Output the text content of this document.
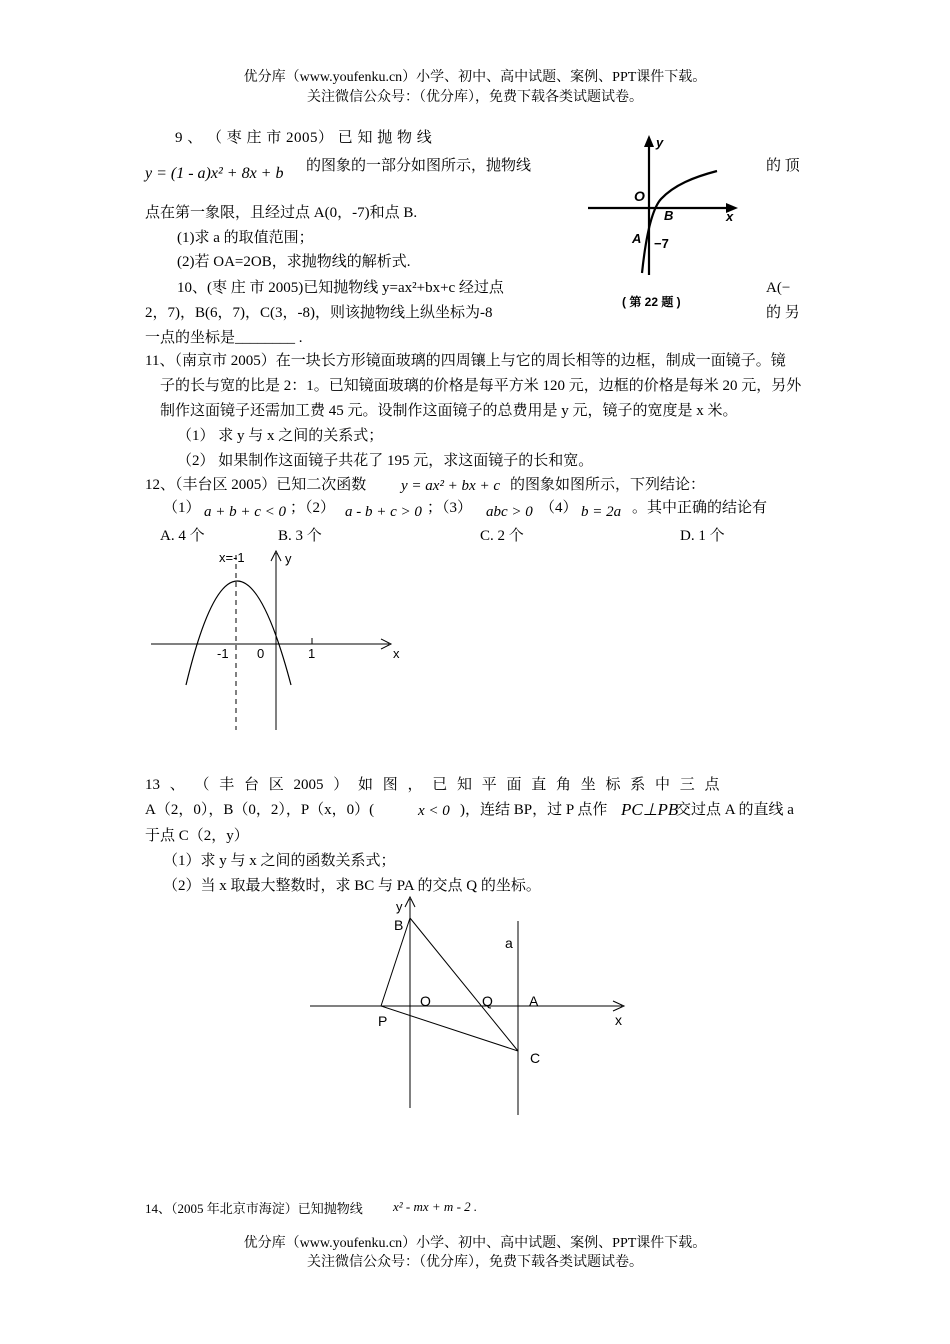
优分库（www.youfenku.cn）小学、初中、高中试题、案例、PPT课件下载。
关注微信公众号：（优分库），免费下载各类试题试卷。
9 、 （ 枣 庄 市 2005） 已 知 抛 物 线
y = (1 - a)x² + 8x + b 的图象的一部分如图所示，抛物线	的 顶
点在第一象限，且经过点 A(0，-7)和点 B.
(1)求 a 的取值范围；
(2)若 OA=2OB，求抛物线的解析式.
y
O
B	x
A −7
( 第 22 题 )
10、(枣 庄 市 2005)已知抛物线 y=ax²+bx+c 经过点	A(−
2，7)，B(6，7)，C(3，-8)，则该抛物线上纵坐标为-8	的 另
一点的坐标是________ .
11、（南京市 2005）在一块长方形镜面玻璃的四周镶上与它的周长相等的边框，制成一面镜子。镜
子的长与宽的比是 2：1。已知镜面玻璃的价格是每平方米 120 元，边框的价格是每米 20 元，另外
制作这面镜子还需加工费 45 元。设制作这面镜子的总费用是 y 元，镜子的宽度是 x 米。
（1） 求 y 与 x 之间的关系式；
（2） 如果制作这面镜子共花了 195 元，求这面镜子的长和宽。
12、（丰台区 2005）已知二次函数 y = ax² + bx + c 的图象如图所示，下列结论：
（1） a + b + c < 0 ；（2） a - b + c > 0 ；（3） abc > 0 （4） b = 2a 。其中正确的结论有
A. 4 个	B. 3 个	C. 2 个	D. 1 个
x=-1	y
x
-1 0	1
13 、 （ 丰 台 区 2005 ） 如 图 ， 已 知 平 面 直 角 坐 标 系 中 三 点
A（2，0），B（0，2），P（x，0）(	x < 0 )，连结 BP，过 P 点作 PC⊥PB
交过点 A 的直线 a
于点 C（2，y）
（1）求 y 与 x 之间的函数关系式；
（2）当 x 取最大整数时，求 BC 与 PA 的交点 Q 的坐标。
y
B
a
O	Q	A
x
P
C
14、（2005 年北京市海淀）已知抛物线 x² - mx + m - 2 .
优分库（www.youfenku.cn）小学、初中、高中试题、案例、PPT课件下载。
关注微信公众号：（优分库），免费下载各类试题试卷。
